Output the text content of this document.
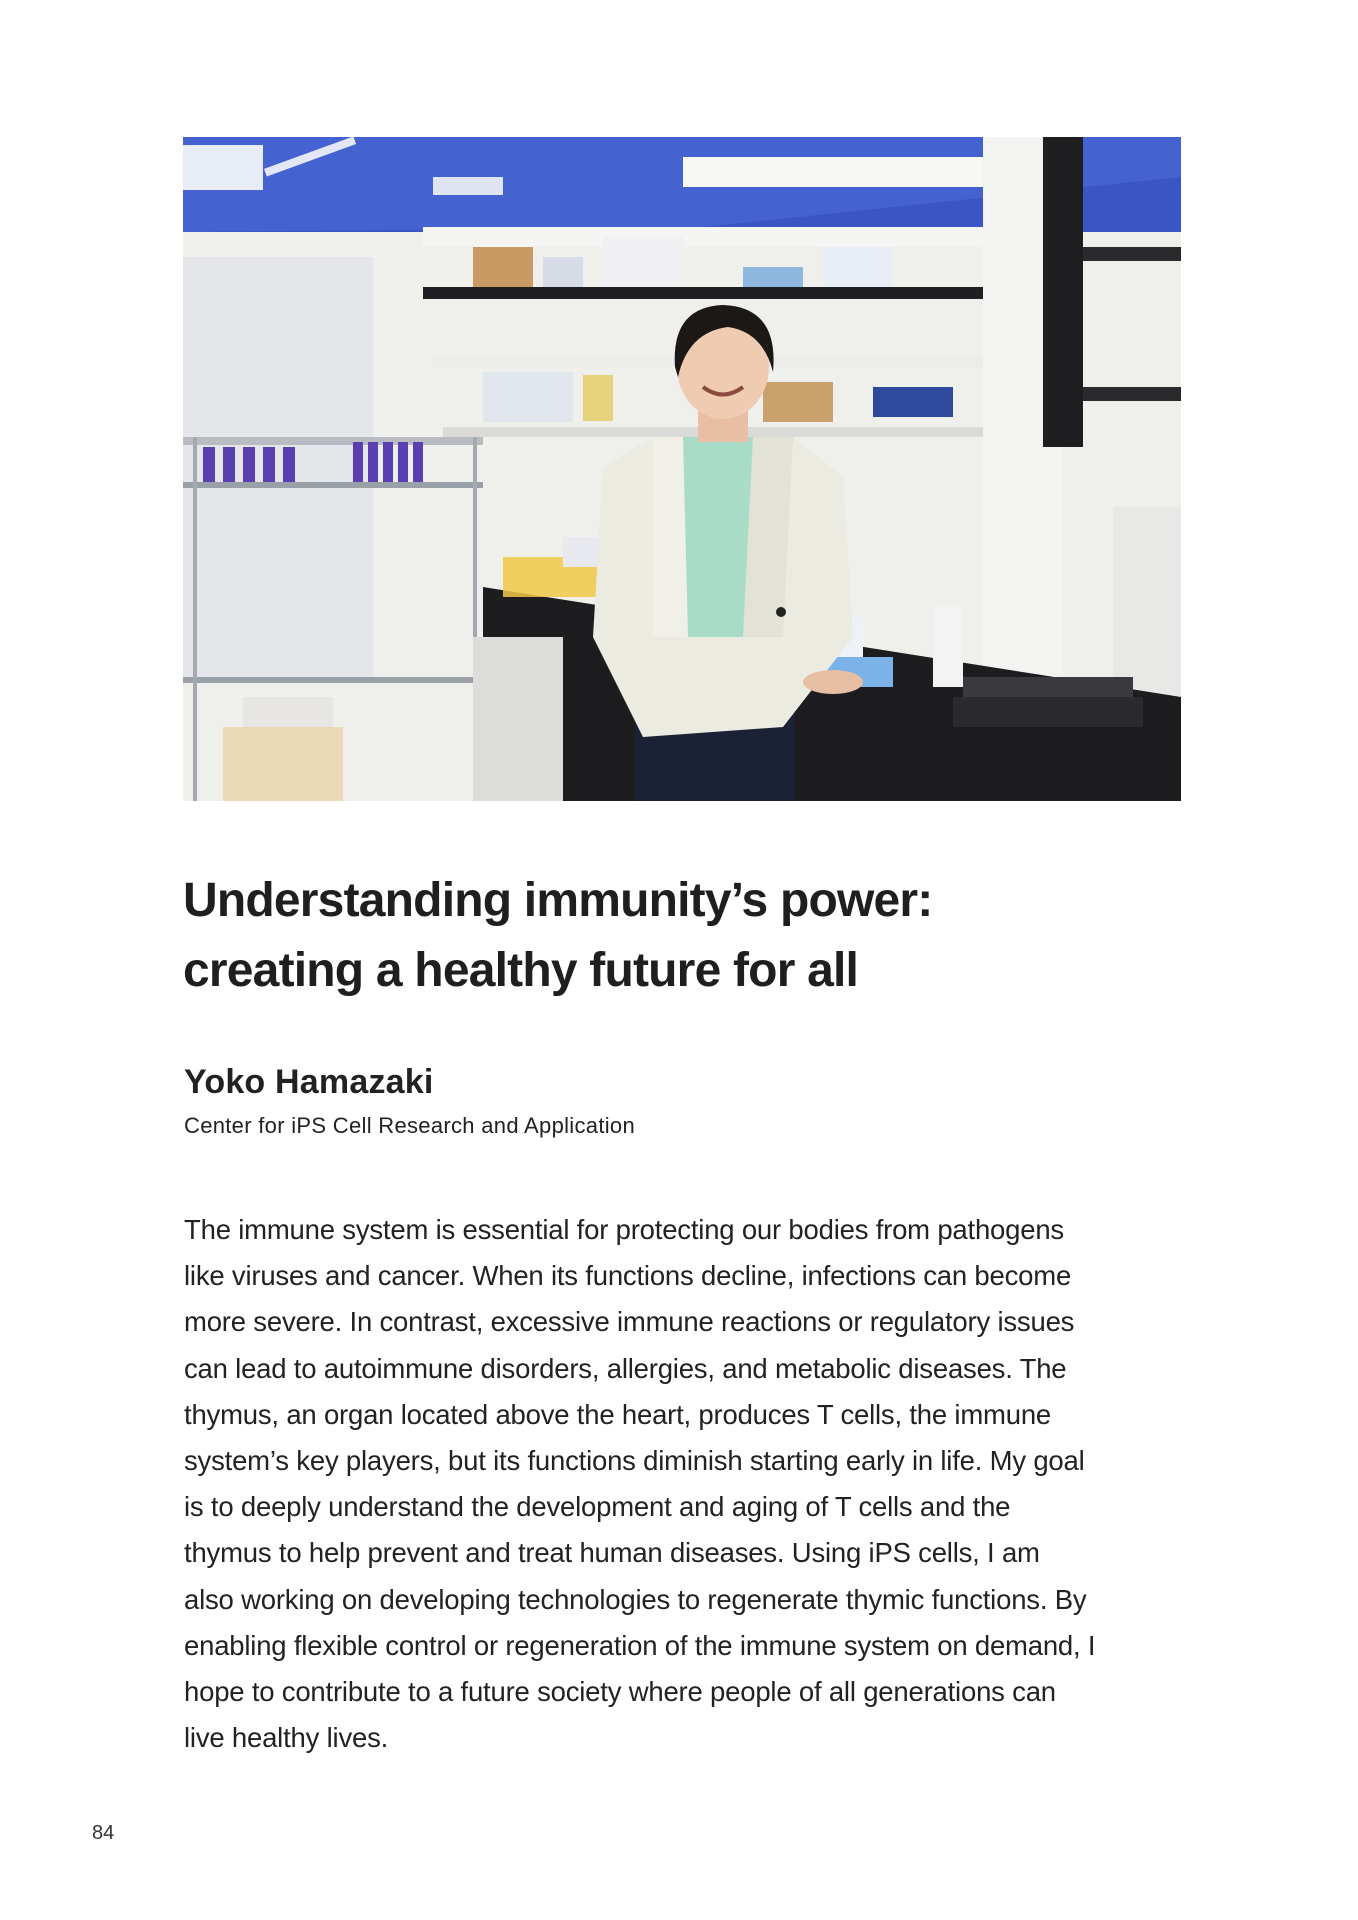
Understanding immunity’s power:
creating a healthy future for all

Yoko Hamazaki

Center for iPS Cell Research and Application

The immune system is essential for protecting our bodies from pathogens
like viruses and cancer. When its functions decline, infections can become
more severe. In contrast, excessive immune reactions or regulatory issues
can lead to autoimmune disorders, allergies, and metabolic diseases. The
thymus, an organ located above the heart, produces T cells, the immune
system’s key players, but its functions diminish starting early in life. My goal
is to deeply understand the development and aging of T cells and the
thymus to help prevent and treat human diseases. Using iPS cells, I am
also working on developing technologies to regenerate thymic functions. By
enabling flexible control or regeneration of the immune system on demand, I
hope to contribute to a future society where people of all generations can
live healthy lives.

84
